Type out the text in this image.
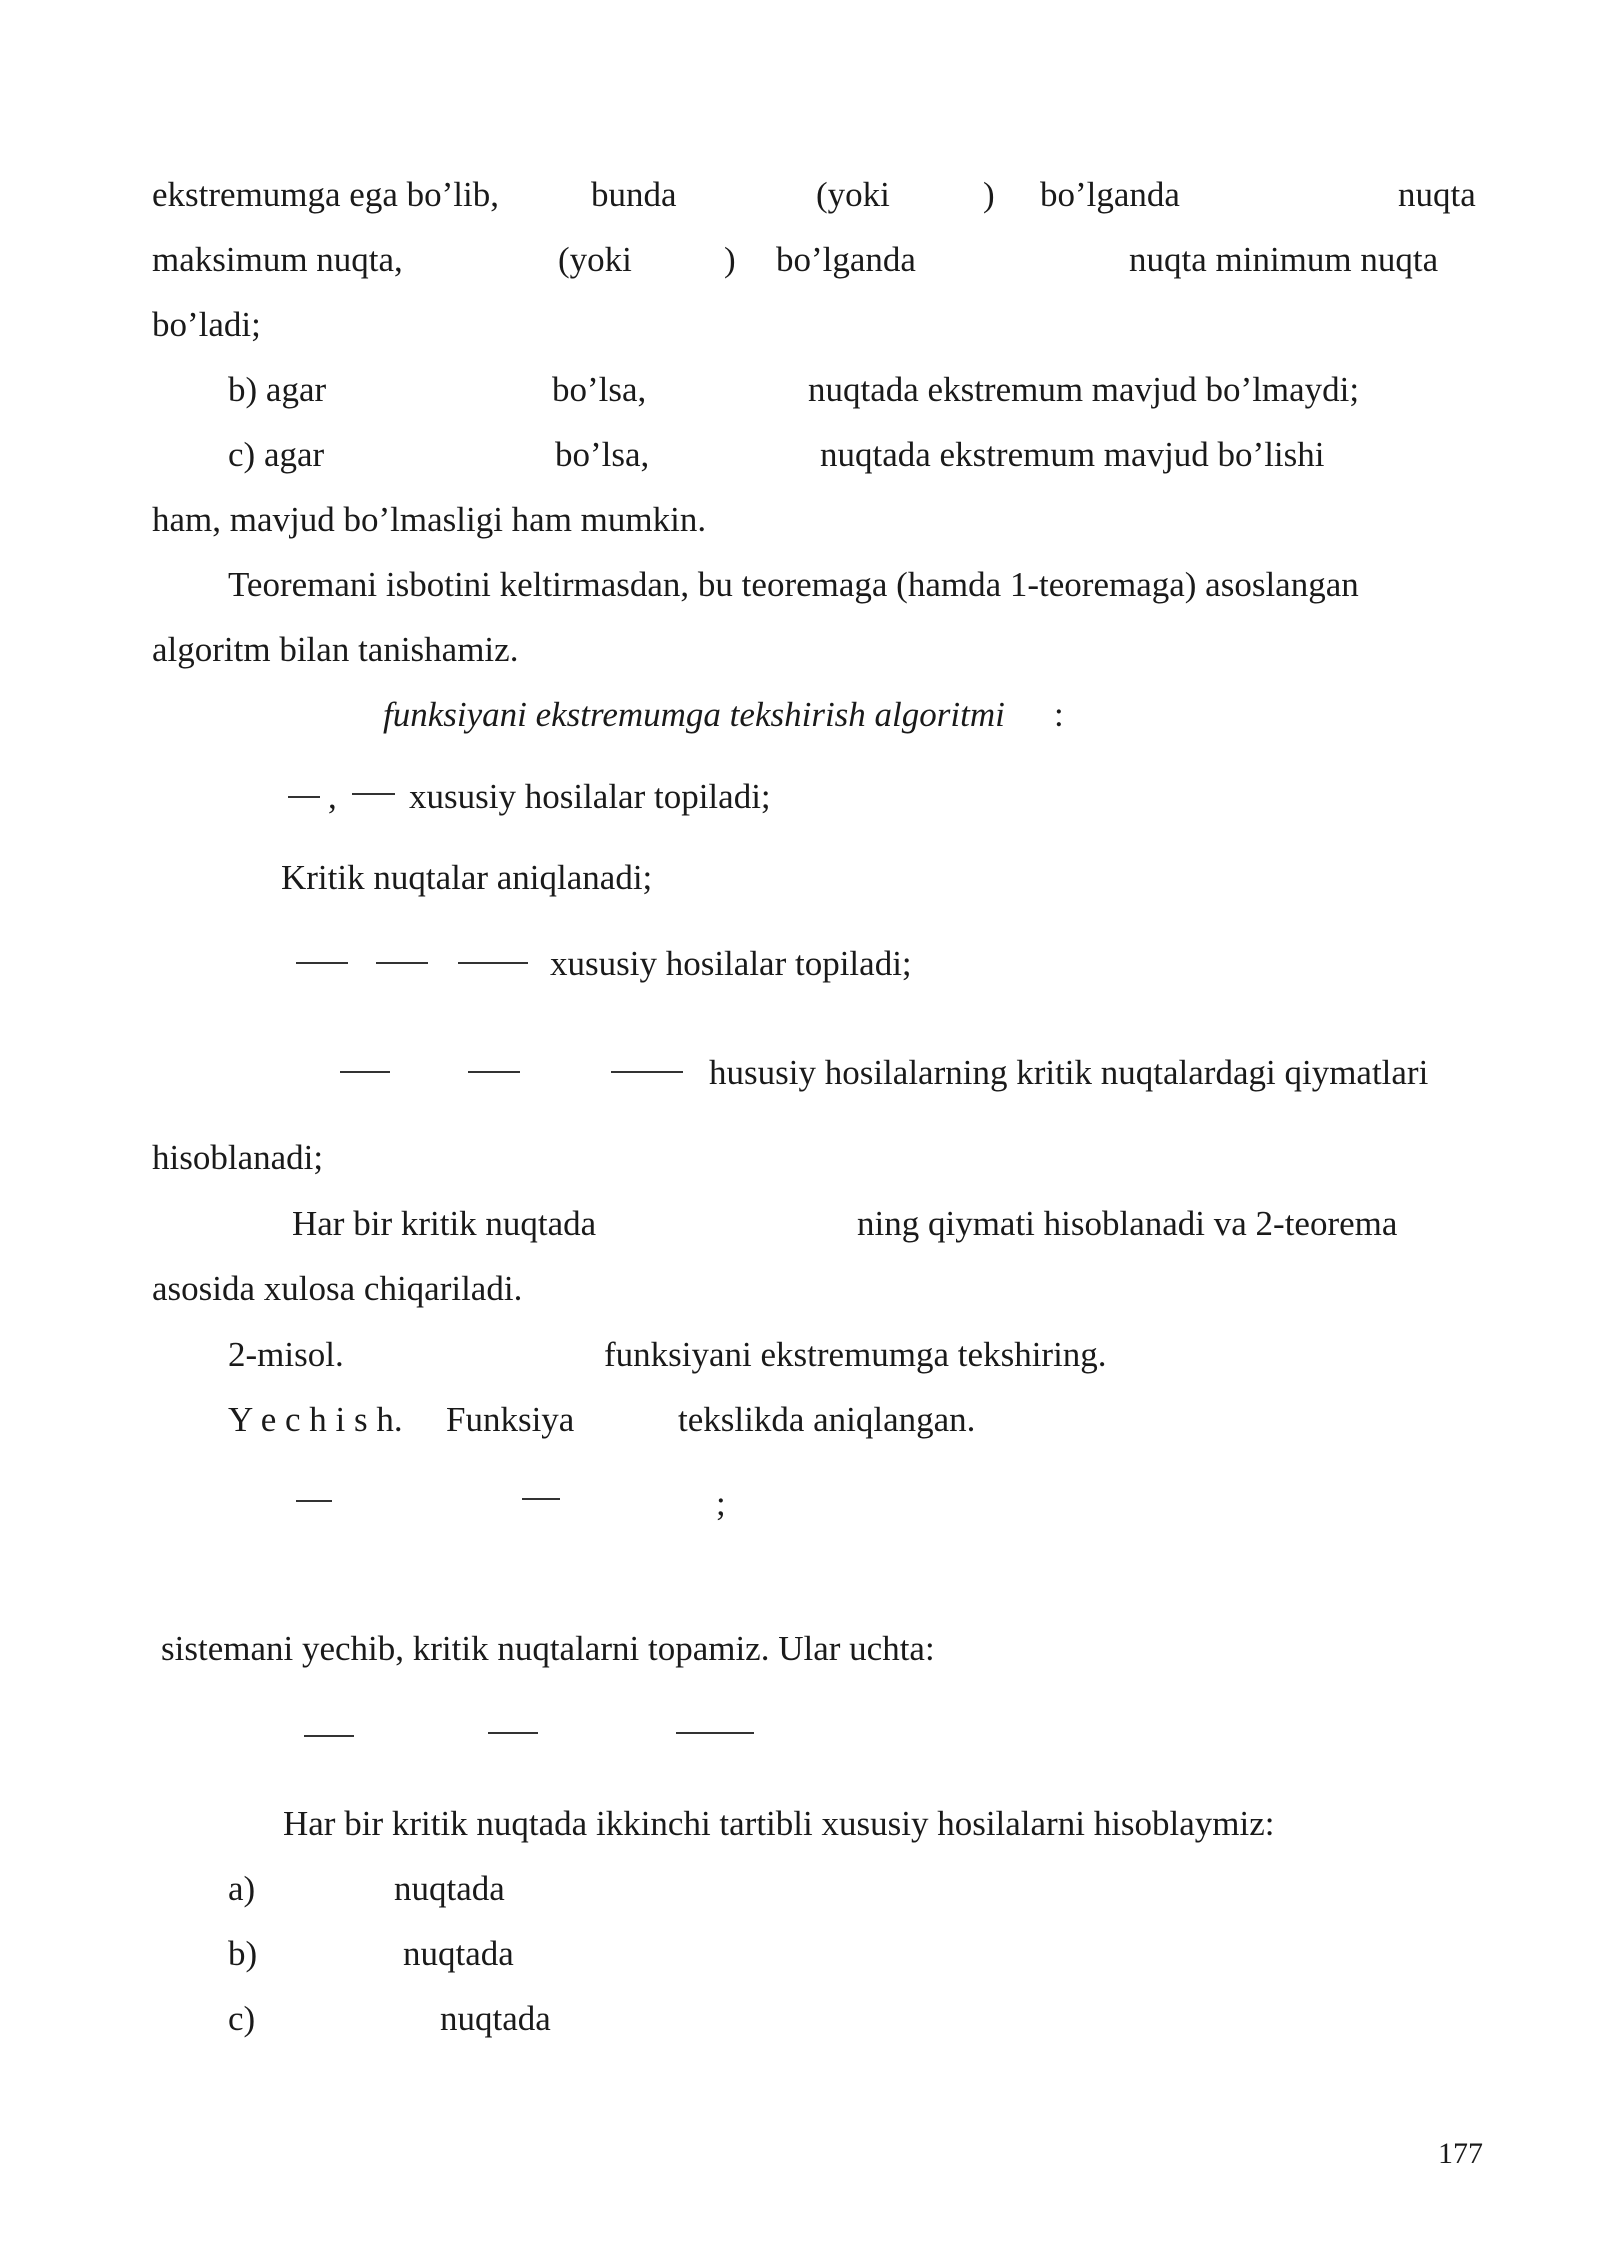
ekstremumga ega bo’lib,	bunda	(yoki	) bo’lganda	nuqta
maksimum nuqta,	(yoki	) bo’lganda	nuqta minimum nuqta
bo’ladi;
b) agar	bo’lsa,	nuqtada ekstremum mavjud bo’lmaydi;
c) agar	bo’lsa,	nuqtada ekstremum mavjud bo’lishi
ham, mavjud bo’lmasligi ham mumkin.
Teoremani isbotini keltirmasdan, bu teoremaga (hamda 1-teoremaga) asoslangan
algoritm bilan tanishamiz.
funksiyani ekstremumga tekshirish algoritmi :
, xususiy hosilalar topiladi;
Kritik nuqtalar aniqlanadi;
xususiy hosilalar topiladi;
hususiy hosilalarning kritik nuqtalardagi qiymatlari
hisoblanadi;
Har bir kritik nuqtada	ning qiymati hisoblanadi va 2-teorema
asosida xulosa chiqariladi.
2-misol.	funksiyani ekstremumga tekshiring.
Y e c h i s h. Funksiya	tekslikda aniqlangan.
;
sistemani yechib, kritik nuqtalarni topamiz. Ular uchta:
Har bir kritik nuqtada ikkinchi tartibli xususiy hosilalarni hisoblaymiz:
a)	nuqtada
b)	nuqtada
c)	nuqtada
177
